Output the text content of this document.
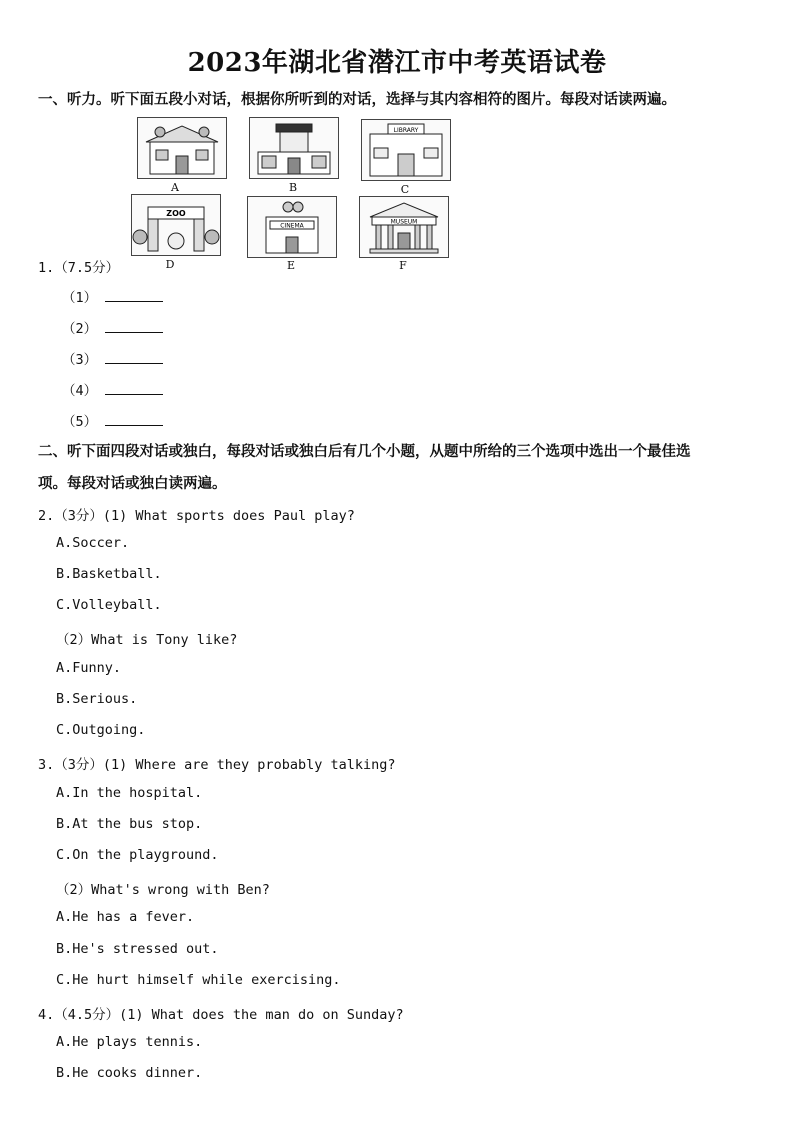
2023年湖北省潜江市中考英语试卷
一、听力。听下面五段小对话，根据你所听到的对话，选择与其内容相符的图片。每段对话读两遍。
A	B
LIBRARY
C
ZOO
D
CINEMA
E
MUSEUM
F
1.（7.5分）
（1）
（2）
（3）
（4）
（5）
二、听下面四段对话或独白，每段对话或独白后有几个小题，从题中所给的三个选项中选出一个最佳选
项。每段对话或独白读两遍。
2.（3分）(1) What sports does Paul play?
A.Soccer.
B.Basketball.
C.Volleyball.
（2）What is Tony like?
A.Funny.
B.Serious.
C.Outgoing.
3.（3分）(1) Where are they probably talking?
A.In the hospital.
B.At the bus stop.
C.On the playground.
（2）What's wrong with Ben?
A.He has a fever.
B.He's stressed out.
C.He hurt himself while exercising.
4.（4.5分）(1) What does the man do on Sunday?
A.He plays tennis.
B.He cooks dinner.
